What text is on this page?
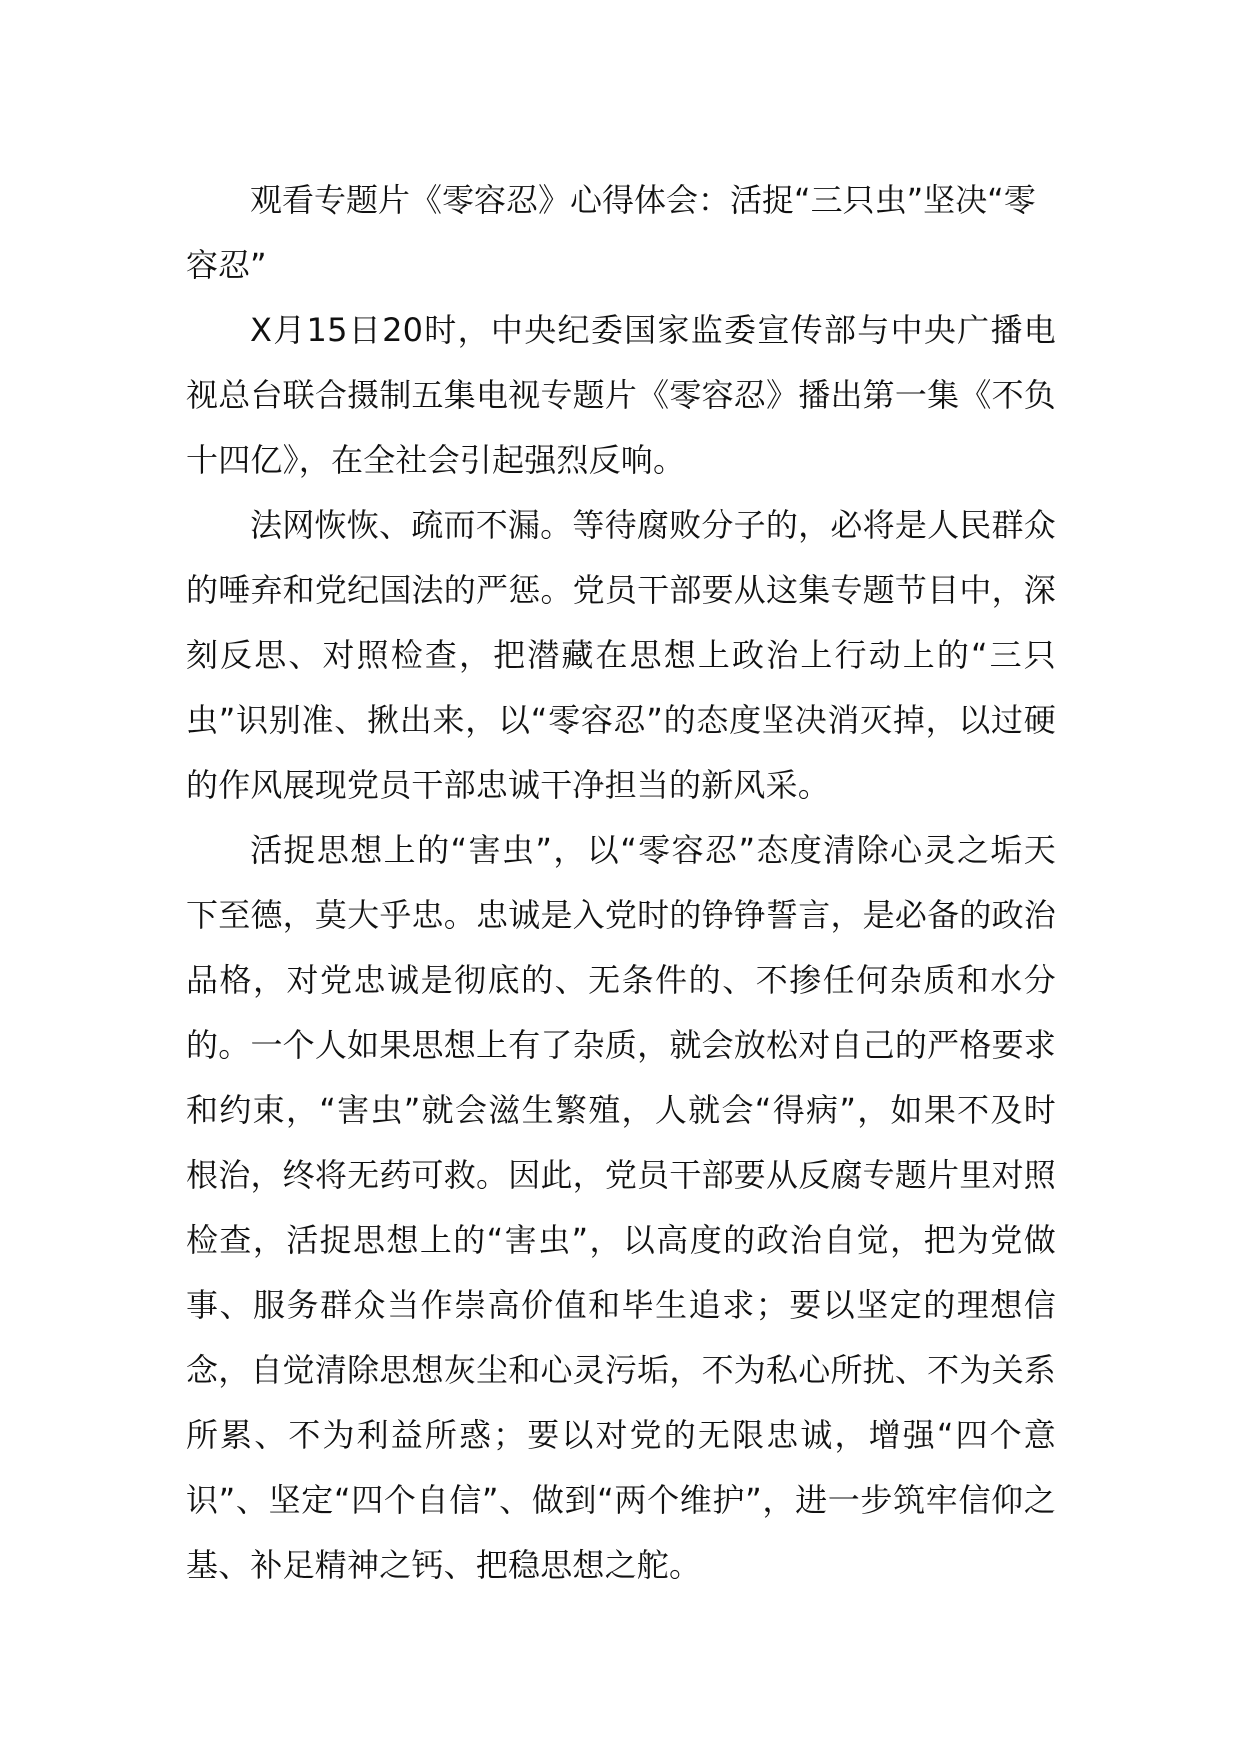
观看专题片《零容忍》心得体会：活捉“三只虫”坚决“零容忍”

X月15日20时，中央纪委国家监委宣传部与中央广播电视总台联合摄制五集电视专题片《零容忍》播出第一集《不负十四亿》，在全社会引起强烈反响。

法网恢恢、疏而不漏。等待腐败分子的，必将是人民群众的唾弃和党纪国法的严惩。党员干部要从这集专题节目中，深刻反思、对照检查，把潜藏在思想上政治上行动上的“三只虫”识别准、揪出来，以“零容忍”的态度坚决消灭掉，以过硬的作风展现党员干部忠诚干净担当的新风采。

活捉思想上的“害虫”，以“零容忍”态度清除心灵之垢天下至德，莫大乎忠。忠诚是入党时的铮铮誓言，是必备的政治品格，对党忠诚是彻底的、无条件的、不掺任何杂质和水分的。一个人如果思想上有了杂质，就会放松对自己的严格要求和约束，“害虫”就会滋生繁殖，人就会“得病”，如果不及时根治，终将无药可救。因此，党员干部要从反腐专题片里对照检查，活捉思想上的“害虫”，以高度的政治自觉，把为党做事、服务群众当作崇高价值和毕生追求；要以坚定的理想信念，自觉清除思想灰尘和心灵污垢，不为私心所扰、不为关系所累、不为利益所惑；要以对党的无限忠诚，增强“四个意识”、坚定“四个自信”、做到“两个维护”，进一步筑牢信仰之基、补足精神之钙、把稳思想之舵。
